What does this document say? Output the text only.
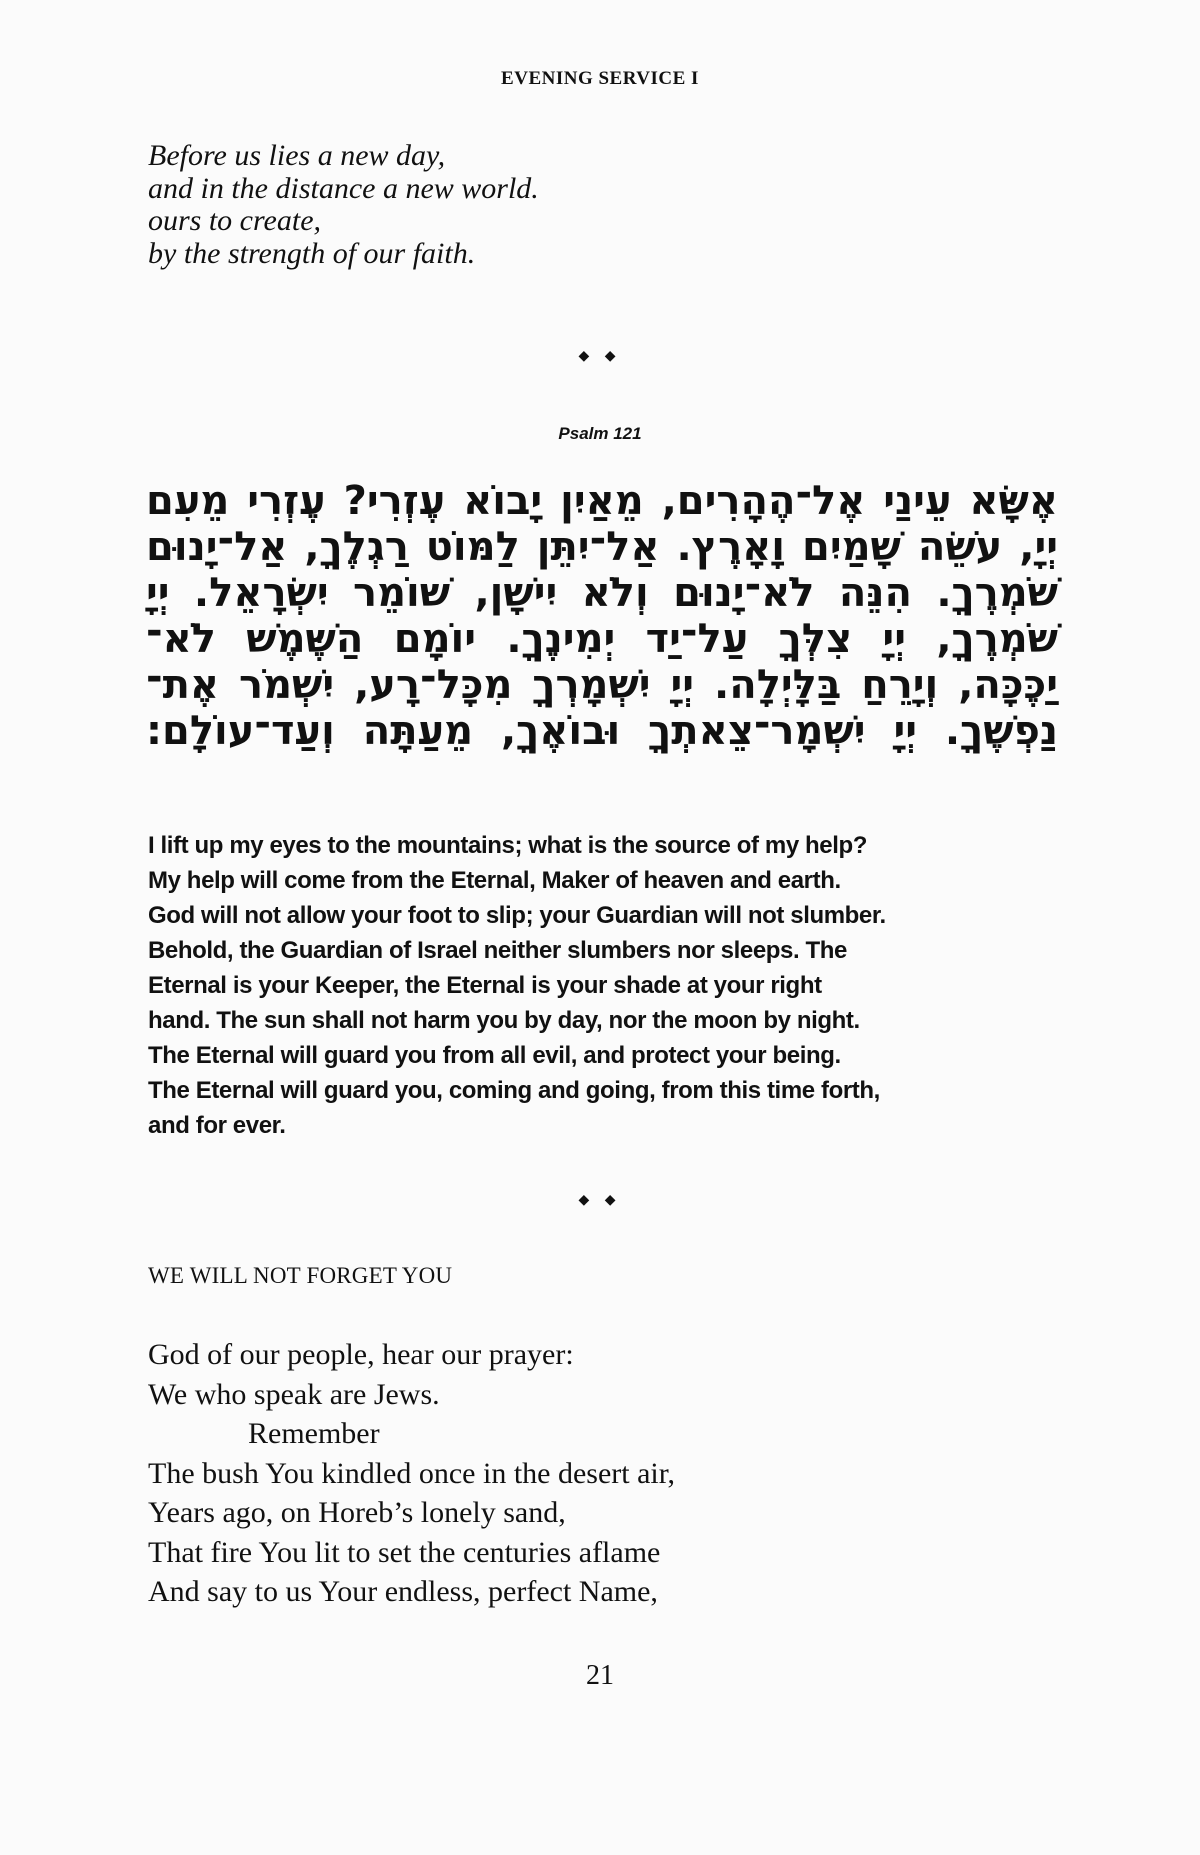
EVENING SERVICE I
Before us lies a new day,
and in the distance a new world.
ours to create,
by the strength of our faith.
◆ ◆
Psalm 121
אֶשָּׂא עֵינַי אֶל־הֶהָרִים, מֵאַיִן יָבוֹא עֶזְרִי? עֶזְרִי מֵעִם
יְיָ, עֹשֵׂה שָׁמַיִם וָאָרֶץ. אַל־יִתֵּן לַמּוֹט רַגְלֶךָ, אַל־יָנוּם
שֹׁמְרֶךָ. הִנֵּה לֹא־יָנוּם וְלֹא יִישָׁן, שׁוֹמֵר יִשְׂרָאֵל. יְיָ
שֹׁמְרֶךָ, יְיָ צִלְּךָ עַל־יַד יְמִינֶךָ. יוֹמָם הַשֶּׁמֶשׁ לֹא־
יַכֶּכָּה, וְיָרֵחַ בַּלָּיְלָה. יְיָ יִשְׁמָרְךָ מִכָּל־רָע, יִשְׁמֹר אֶת־
נַפְשֶׁךָ. יְיָ יִשְׁמָר־צֵאתְךָ וּבוֹאֶךָ, מֵעַתָּה וְעַד־עוֹלָם:
I lift up my eyes to the mountains; what is the source of my help?
My help will come from the Eternal, Maker of heaven and earth.
God will not allow your foot to slip; your Guardian will not slumber.
Behold, the Guardian of Israel neither slumbers nor sleeps. The
Eternal is your Keeper, the Eternal is your shade at your right
hand. The sun shall not harm you by day, nor the moon by night.
The Eternal will guard you from all evil, and protect your being.
The Eternal will guard you, coming and going, from this time forth,
and for ever.
◆ ◆
WE WILL NOT FORGET YOU
God of our people, hear our prayer:
We who speak are Jews.
Remember
The bush You kindled once in the desert air,
Years ago, on Horeb’s lonely sand,
That fire You lit to set the centuries aflame
And say to us Your endless, perfect Name,
21
